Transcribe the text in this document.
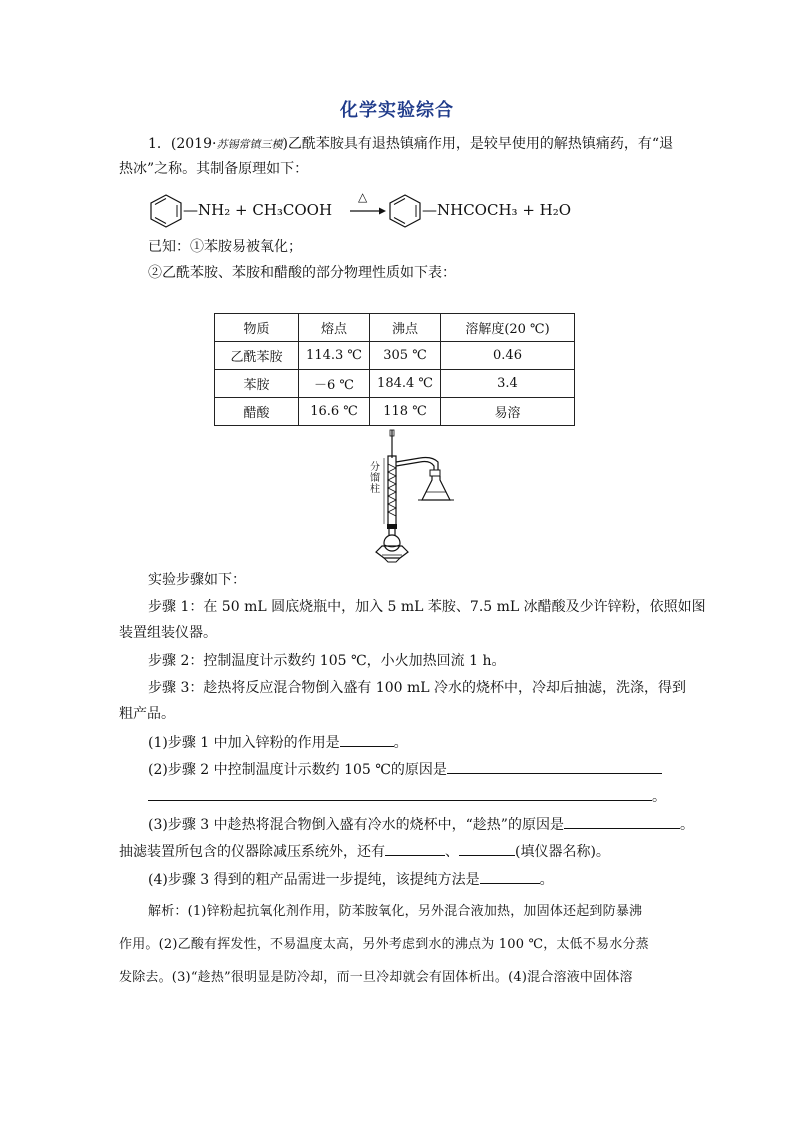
化学实验综合
1．(2019·苏锡常镇三模)乙酰苯胺具有退热镇痛作用，是较早使用的解热镇痛药，有“退
热冰”之称。其制备原理如下：
—NH₂ + CH₃COOH
△
—NHCOCH₃ + H₂O
已知：①苯胺易被氧化；
②乙酰苯胺、苯胺和醋酸的部分物理性质如下表：
物质	熔点	沸点	溶解度(20 ℃)
乙酰苯胺	114.3 ℃	305 ℃	0.46
苯胺	－6 ℃	184.4 ℃	3.4
醋酸	16.6 ℃	118 ℃	易溶
分馏柱
实验步骤如下：
步骤 1：在 50 mL 圆底烧瓶中，加入 5 mL 苯胺、7.5 mL 冰醋酸及少许锌粉，依照如图
装置组装仪器。
步骤 2：控制温度计示数约 105 ℃，小火加热回流 1 h。
步骤 3：趁热将反应混合物倒入盛有 100 mL 冷水的烧杯中，冷却后抽滤，洗涤，得到
粗产品。
(1)步骤 1 中加入锌粉的作用是	。
(2)步骤 2 中控制温度计示数约 105 ℃的原因是
。
(3)步骤 3 中趁热将混合物倒入盛有冷水的烧杯中，“趁热”的原因是	。
抽滤装置所包含的仪器除减压系统外，还有	、	(填仪器名称)。
(4)步骤 3 得到的粗产品需进一步提纯，该提纯方法是	。
解析：(1)锌粉起抗氧化剂作用，防苯胺氧化，另外混合液加热，加固体还起到防暴沸
作用。(2)乙酸有挥发性，不易温度太高，另外考虑到水的沸点为 100 ℃，太低不易水分蒸
发除去。(3)“趁热”很明显是防冷却，而一旦冷却就会有固体析出。(4)混合溶液中固体溶
